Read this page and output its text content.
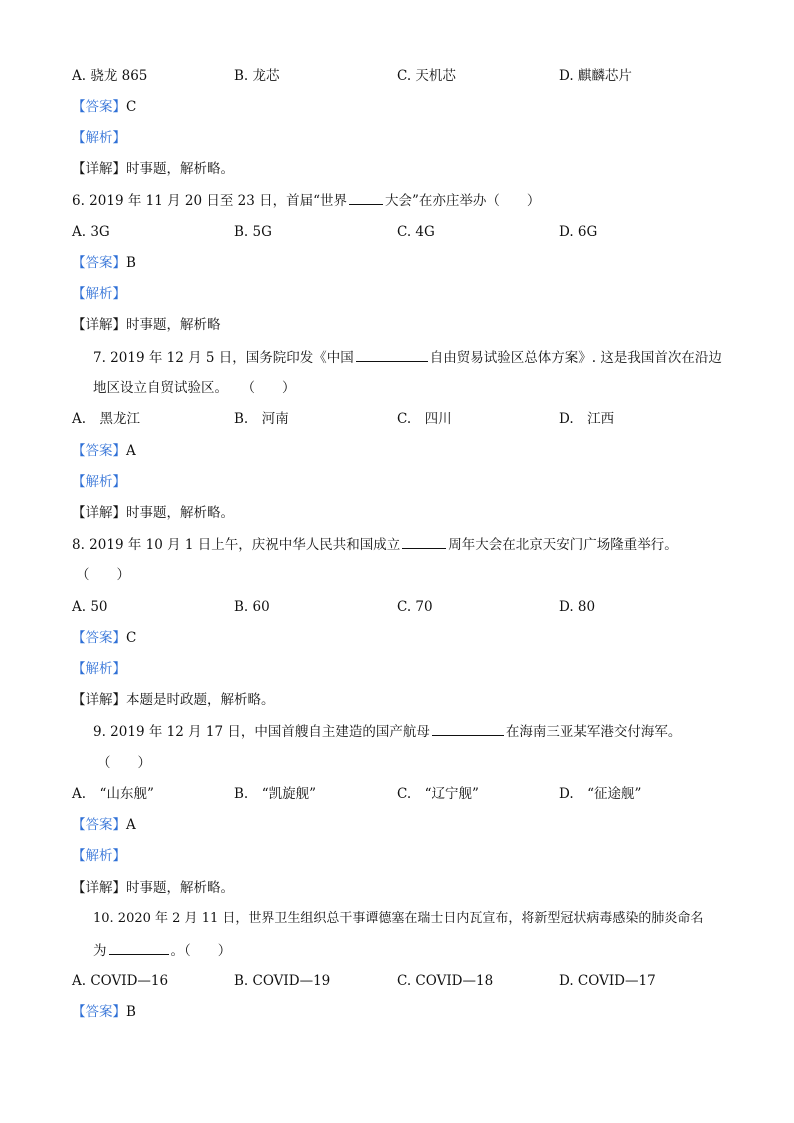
A. 骁龙 865	B. 龙芯	C. 天机芯	D. 麒麟芯片
【答案】C
【解析】
【详解】时事题，解析略。
6. 2019 年 11 月 20 日至 23 日，首届“世界	大会”在亦庄举办（　　）
A. 3G	B. 5G	C. 4G	D. 6G
【答案】B
【解析】
【详解】时事题，解析略
7. 2019 年 12 月 5 日，国务院印发《中国	自由贸易试验区总体方案》. 这是我国首次在沿边
地区设立自贸试验区。　　（　　）
A.　黑龙江	B.　河南	C.　四川	D.　江西
【答案】A
【解析】
【详解】时事题，解析略。
8. 2019 年 10 月 1 日上午，庆祝中华人民共和国成立	周年大会在北京天安门广场隆重举行。
（　　）
A. 50	B. 60	C. 70	D. 80
【答案】C
【解析】
【详解】本题是时政题，解析略。
9. 2019 年 12 月 17 日，中国首艘自主建造的国产航母	在海南三亚某军港交付海军。
（　　）
A.　“山东舰”	B.　“凯旋舰”	C.　“辽宁舰”	D.　“征途舰”
【答案】A
【解析】
【详解】时事题，解析略。
10. 2020 年 2 月 11 日，世界卫生组织总干事谭德塞在瑞士日内瓦宣布，将新型冠状病毒感染的肺炎命名
为	。（　　）
A. COVID—16	B. COVID—19	C. COVID—18	D. COVID—17
【答案】B
